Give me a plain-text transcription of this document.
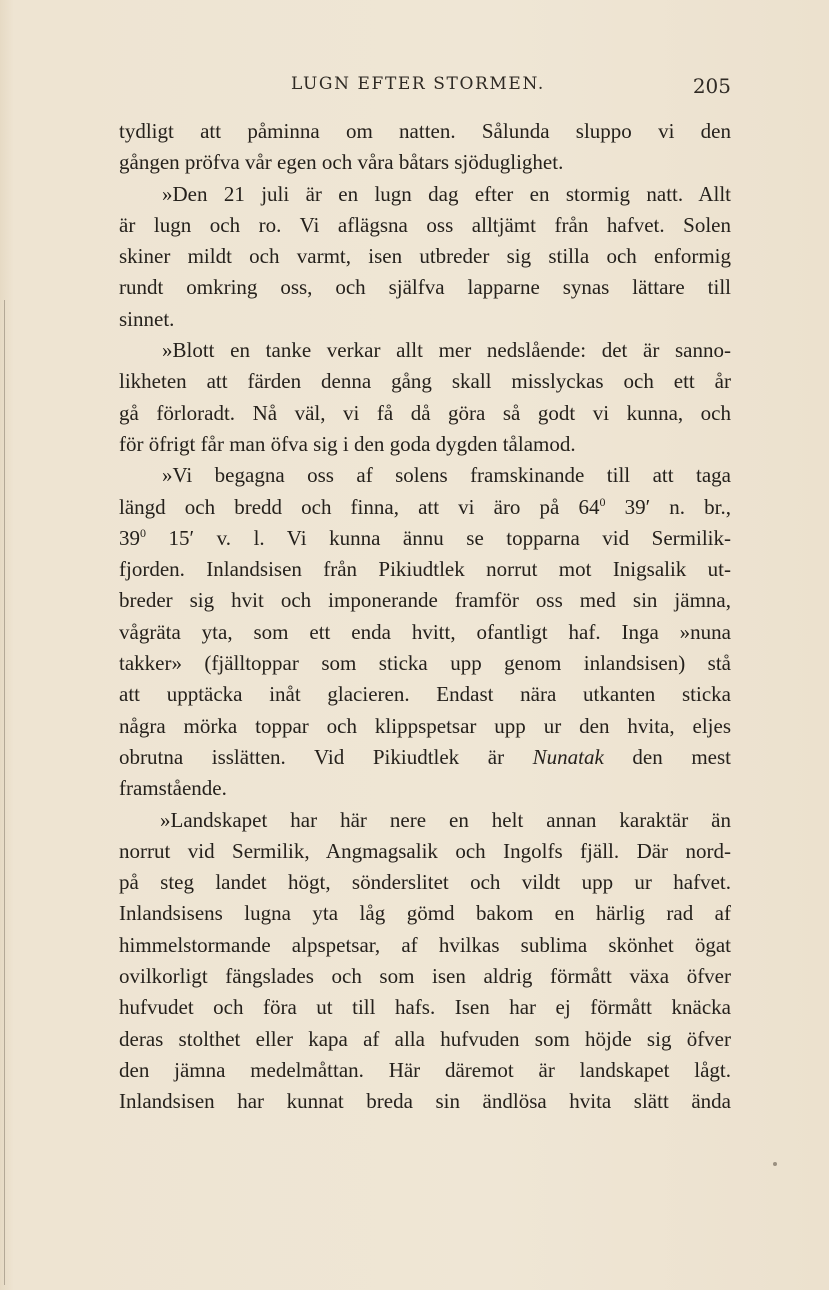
LUGN EFTER STORMEN.	205
tydligt att påminna om natten. Sålunda sluppo vi den
gången pröfva vår egen och våra båtars sjöduglighet.
»Den 21 juli är en lugn dag efter en stormig natt. Allt
är lugn och ro. Vi aflägsna oss alltjämt från hafvet. Solen
skiner mildt och varmt, isen utbreder sig stilla och enformig
rundt omkring oss, och själfva lapparne synas lättare till
sinnet.
»Blott en tanke verkar allt mer nedslående: det är sanno-
likheten att färden denna gång skall misslyckas och ett år
gå förloradt. Nå väl, vi få då göra så godt vi kunna, och
för öfrigt får man öfva sig i den goda dygden tålamod.
»Vi begagna oss af solens framskinande till att taga
längd och bredd och finna, att vi äro på $64^0$ 39′ n. br.,
$39^0$ 15′ v. l. Vi kunna ännu se topparna vid Sermilik-
fjorden. Inlandsisen från Pikiudtlek norrut mot Inigsalik ut-
breder sig hvit och imponerande framför oss med sin jämna,
vågräta yta, som ett enda hvitt, ofantligt haf. Inga »nuna
takker» (fjälltoppar som sticka upp genom inlandsisen) stå
att upptäcka inåt glacieren. Endast nära utkanten sticka
några mörka toppar och klippspetsar upp ur den hvita, eljes
obrutna isslätten. Vid Pikiudtlek är Nunatak den mest
framstående.
»Landskapet har här nere en helt annan karaktär än
norrut vid Sermilik, Angmagsalik och Ingolfs fjäll. Där nord-
på steg landet högt, sönderslitet och vildt upp ur hafvet.
Inlandsisens lugna yta låg gömd bakom en härlig rad af
himmelstormande alpspetsar, af hvilkas sublima skönhet ögat
ovilkorligt fängslades och som isen aldrig förmått växa öfver
hufvudet och föra ut till hafs. Isen har ej förmått knäcka
deras stolthet eller kapa af alla hufvuden som höjde sig öfver
den jämna medelmåttan. Här däremot är landskapet lågt.
Inlandsisen har kunnat breda sin ändlösa hvita slätt ända
